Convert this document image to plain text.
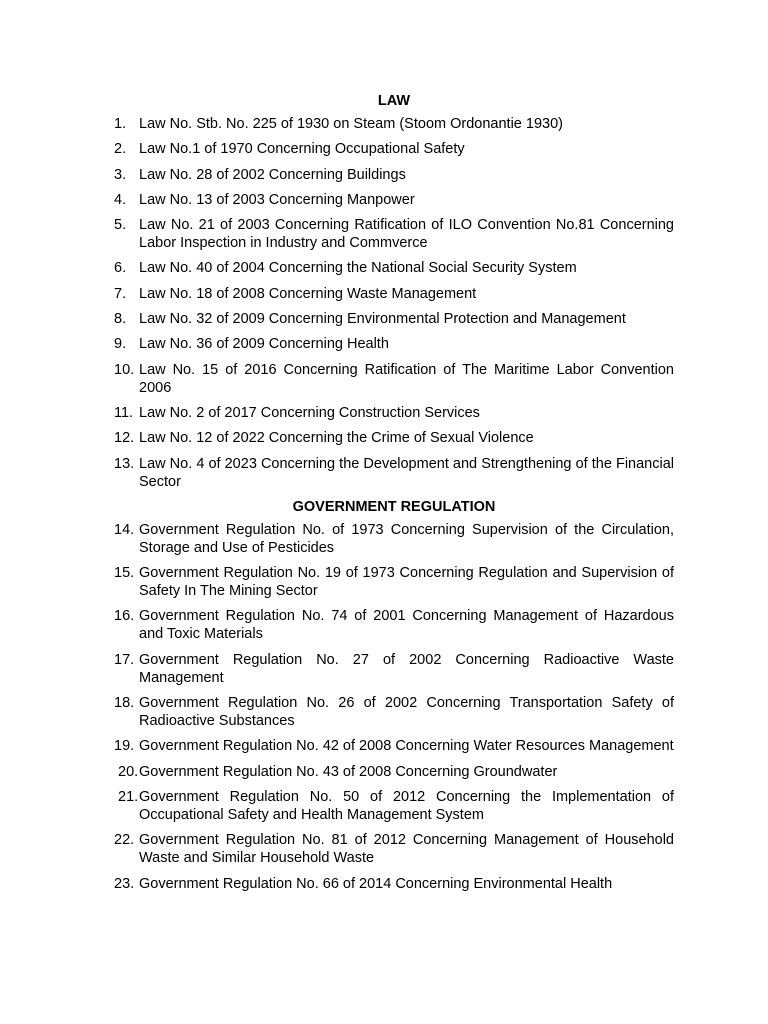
LAW
1. Law No. Stb. No. 225 of 1930 on Steam (Stoom Ordonantie 1930)
2. Law No.1 of 1970 Concerning Occupational Safety
3. Law No. 28 of 2002 Concerning Buildings
4. Law No. 13 of 2003 Concerning Manpower
5. Law No. 21 of 2003 Concerning Ratification of ILO Convention No.81 Concerning Labor Inspection in Industry and Commverce
6. Law No. 40 of 2004 Concerning the National Social Security System
7. Law No. 18 of 2008 Concerning Waste Management
8. Law No. 32 of 2009 Concerning Environmental Protection and Management
9. Law No. 36 of 2009 Concerning Health
10. Law No. 15 of 2016 Concerning Ratification of The Maritime Labor Convention 2006
11. Law No. 2 of 2017 Concerning Construction Services
12. Law No. 12 of 2022 Concerning the Crime of Sexual Violence
13. Law No. 4 of 2023 Concerning the Development and Strengthening of the Financial Sector
GOVERNMENT REGULATION
14. Government Regulation No. of 1973 Concerning Supervision of the Circulation, Storage and Use of Pesticides
15. Government Regulation No. 19 of 1973 Concerning Regulation and Supervision of Safety In The Mining Sector
16. Government Regulation No. 74 of 2001 Concerning Management of Hazardous and Toxic Materials
17. Government Regulation No. 27 of 2002 Concerning Radioactive Waste Management
18. Government Regulation No. 26 of 2002 Concerning Transportation Safety of Radioactive Substances
19. Government Regulation No. 42 of 2008 Concerning Water Resources Management
20. Government Regulation No. 43 of 2008 Concerning Groundwater
21. Government Regulation No. 50 of 2012 Concerning the Implementation of Occupational Safety and Health Management System
22. Government Regulation No. 81 of 2012 Concerning Management of Household Waste and Similar Household Waste
23. Government Regulation No. 66 of 2014 Concerning Environmental Health
